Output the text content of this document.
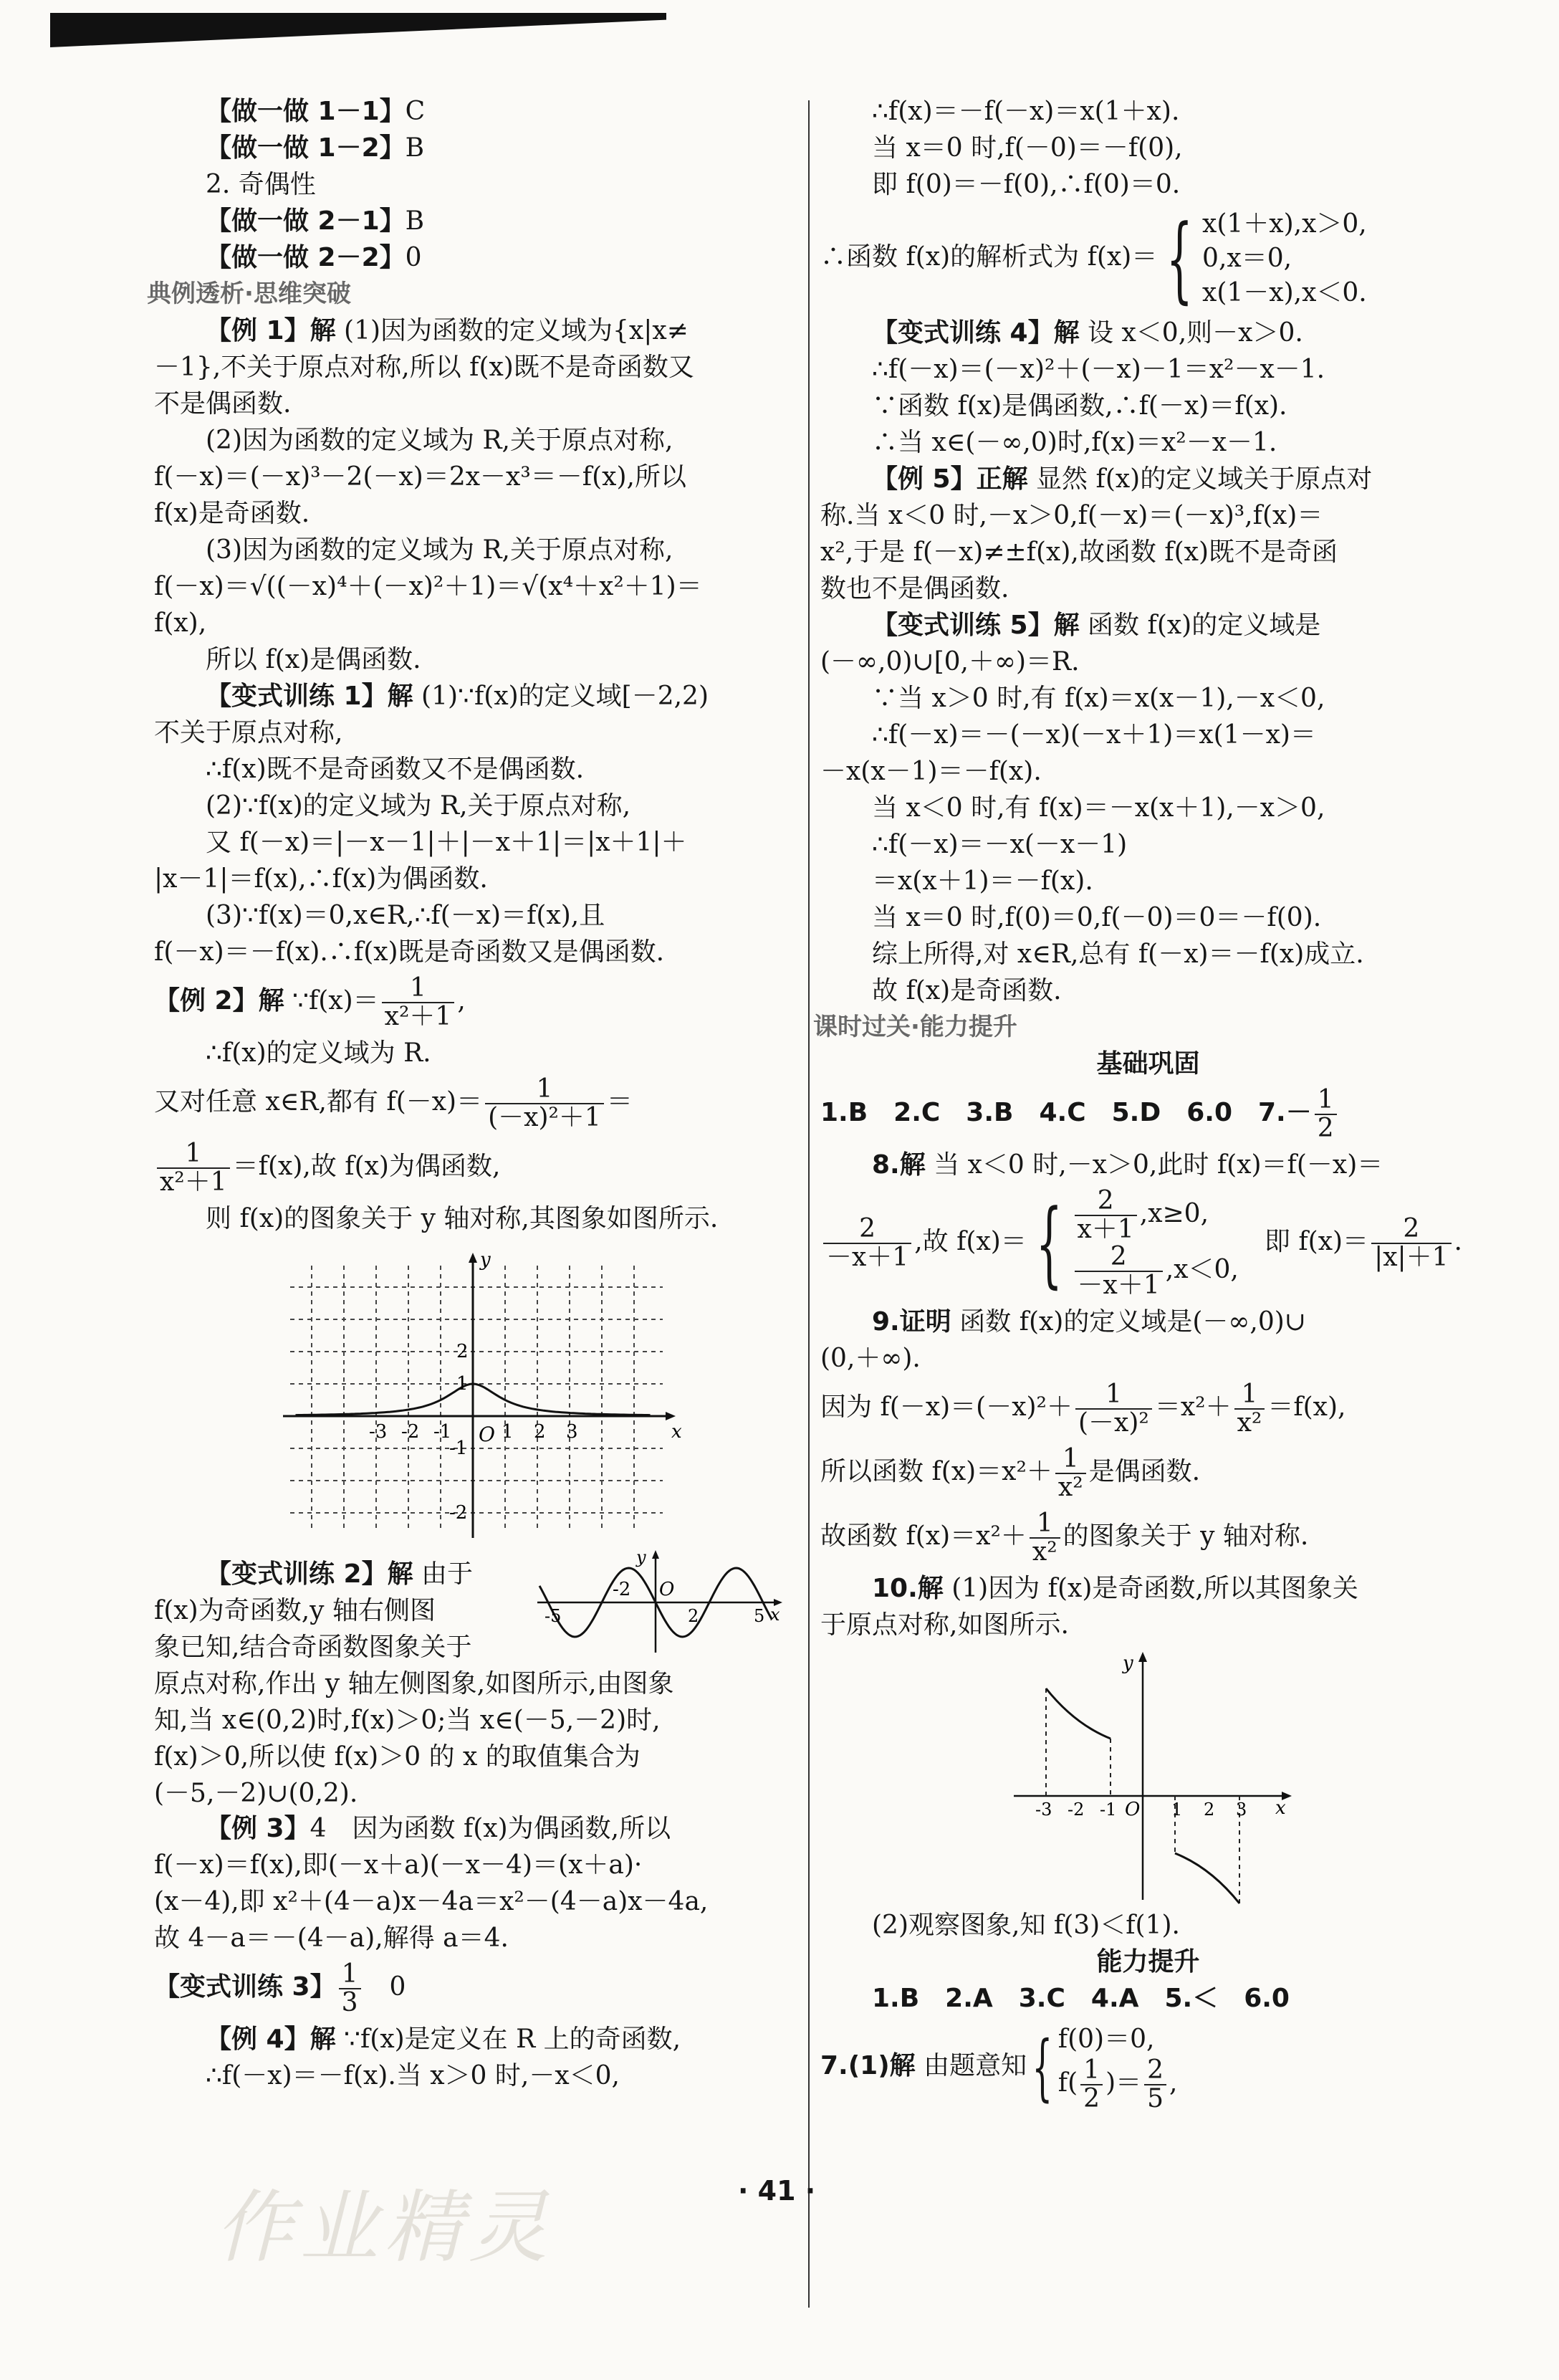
【做一做 1－1】C
【做一做 1－2】B
2. 奇偶性
【做一做 2－1】B
【做一做 2－2】0
典例透析·思维突破
【例 1】解 (1)因为函数的定义域为{x|x≠
－1},不关于原点对称,所以 f(x)既不是奇函数又
不是偶函数.
(2)因为函数的定义域为 R,关于原点对称,
f(－x)＝(－x)³－2(－x)＝2x－x³＝－f(x),所以
f(x)是奇函数.
(3)因为函数的定义域为 R,关于原点对称,
f(－x)＝√((－x)⁴＋(－x)²＋1)＝√(x⁴＋x²＋1)＝
f(x),
所以 f(x)是偶函数.
【变式训练 1】解 (1)∵f(x)的定义域[－2,2)
不关于原点对称,
∴f(x)既不是奇函数又不是偶函数.
(2)∵f(x)的定义域为 R,关于原点对称,
又 f(－x)＝|－x－1|＋|－x＋1|＝|x＋1|＋
|x－1|＝f(x),∴f(x)为偶函数.
(3)∵f(x)＝0,x∈R,∴f(－x)＝f(x),且
f(－x)＝－f(x).∴f(x)既是奇函数又是偶函数.
【例 2】解 ∵f(x)＝ $\frac{1}{\text{x²＋1}}$ ,
∴f(x)的定义域为 R.
又对任意 x∈R,都有 $f(-x)= \frac{1}{\text{(－x)²＋1}}$ ＝
$\frac{1}{\text{x²＋1}} =f(x)$,故 f(x)为偶函数,
则 f(x)的图象关于 y 轴对称,其图象如图所示.
y
x
O
-3 -2 -1	1 2 3
2
1
-1
-2
【变式训练 2】解 由于
f(x)为奇函数,y 轴右侧图
象已知,结合奇函数图象关于
原点对称,作出 y 轴左侧图象,如图所示,由图象
知,当 x∈(0,2)时,f(x)＞0;当 x∈(－5,－2)时,
f(x)＞0,所以使 f(x)＞0 的 x 的取值集合为
(－5,－2)∪(0,2).
y
x
O
-5
-2
2	5
【例 3】4　因为函数 f(x)为偶函数,所以
f(－x)＝f(x),即(－x＋a)(－x－4)＝(x＋a)·
(x－4),即 x²＋(4－a)x－4a＝x²－(4－a)x－4a,
故 4－a＝－(4－a),解得 a＝4.
【变式训练 3】 $\frac{1}{3}$
　 0
【例 4】解 ∵f(x)是定义在 R 上的奇函数,
∴f(－x)＝－f(x).当 x＞0 时,－x＜0,
∴f(x)＝－f(－x)＝x(1＋x).
当 x＝0 时,f(－0)＝－f(0),
即 f(0)＝－f(0),∴f(0)＝0.
∴函数 f(x)的解析式为 f(x)＝{ x(1＋x),x＞0,
0,x＝0,
x(1－x),x＜0.
【变式训练 4】解 设 x＜0,则－x＞0.
∴f(－x)＝(－x)²＋(－x)－1＝x²－x－1.
∵函数 f(x)是偶函数,∴f(－x)＝f(x).
∴当 x∈(－∞,0)时,f(x)＝x²－x－1.
【例 5】正解 显然 f(x)的定义域关于原点对
称.当 x＜0 时,－x＞0,f(－x)＝(－x)³,f(x)＝
x²,于是 f(－x)≠±f(x),故函数 f(x)既不是奇函
数也不是偶函数.
【变式训练 5】解 函数 f(x)的定义域是
(－∞,0)∪[0,＋∞)＝R.
∵当 x＞0 时,有 f(x)＝x(x－1),－x＜0,
∴f(－x)＝－(－x)(－x＋1)＝x(1－x)＝
－x(x－1)＝－f(x).
当 x＜0 时,有 f(x)＝－x(x＋1),－x＞0,
∴f(－x)＝－x(－x－1)
＝x(x＋1)＝－f(x).
当 x＝0 时,f(0)＝0,f(－0)＝0＝－f(0).
综上所得,对 x∈R,总有 f(－x)＝－f(x)成立.
故 f(x)是奇函数.
课时过关·能力提升
基础巩固
1.B　2.C　3.B　4.C　5.D　6.0　$7.- \frac{1}{2}$
8.解 当 x＜0 时,－x＞0,此时 f(x)＝f(－x)＝
$\frac{2}{-x+1}$ ,故 $f(x)=\{ \frac{2}{x+1} ,x\ge 0$,
$\frac{2}{-x+1} ,x<0$,
　即 $f(x)= \frac{2}{|x|+1}$ .
9.证明 函数 f(x)的定义域是(－∞,0)∪
(0,＋∞).
因为 $f(-x)=(-x)^2+ \frac{1}{\text{(－x)²}} =x^2+ \frac{1}{\text{x²}} =f(x)$,
所以函数 $f(x)=x^2+ \frac{1}{\text{x²}}$ 是偶函数.
故函数 $f(x)=x^2+ \frac{1}{\text{x²}}$ 的图象关于 y 轴对称.
10.解 (1)因为 f(x)是奇函数,所以其图象关
于原点对称,如图所示.
y
x
O
-3 -2 -1	1 2 3
(2)观察图象,知 f(3)＜f(1).
能力提升
1.B　2.A　3.C　4.A　5.＜　6.0
7.(1)解 由题意知{ f(0)＝0,
$f( \frac{1}{2}$ )＝ $\frac{2}{5}$ ,
· 41 ·
作业精灵
